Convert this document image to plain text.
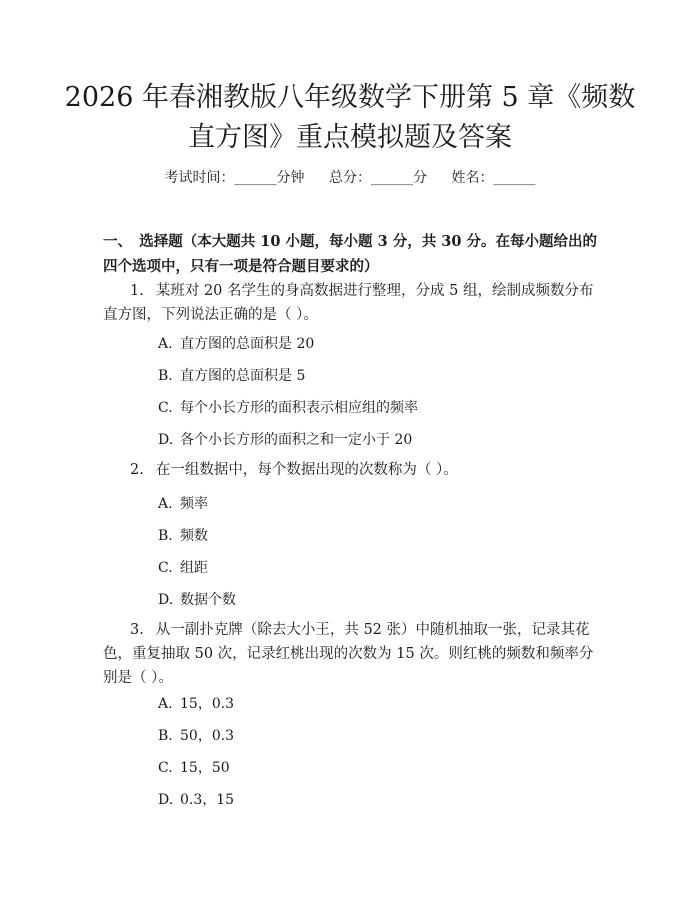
2026 年春湘教版八年级数学下册第 5 章《频数直方图》重点模拟题及答案
考试时间：______分钟 总分：______分 姓名：______

一、　选择题（本大题共 10 小题，每小题 3 分，共 30 分。在每小题给出的四个选项中，只有一项是符合题目要求的）

1. 某班对 20 名学生的身高数据进行整理，分成 5 组，绘制成频数分布直方图，下列说法正确的是（ ）。

A. 直方图的总面积是 20
B. 直方图的总面积是 5
C. 每个小长方形的面积表示相应组的频率
D. 各个小长方形的面积之和一定小于 20

2. 在一组数据中，每个数据出现的次数称为（ ）。

A. 频率
B. 频数
C. 组距
D. 数据个数

3. 从一副扑克牌（除去大小王，共 52 张）中随机抽取一张，记录其花色，重复抽取 50 次，记录红桃出现的次数为 15 次。则红桃的频数和频率分别是（ ）。

A. 15，0.3
B. 50，0.3
C. 15，50
D. 0.3，15
